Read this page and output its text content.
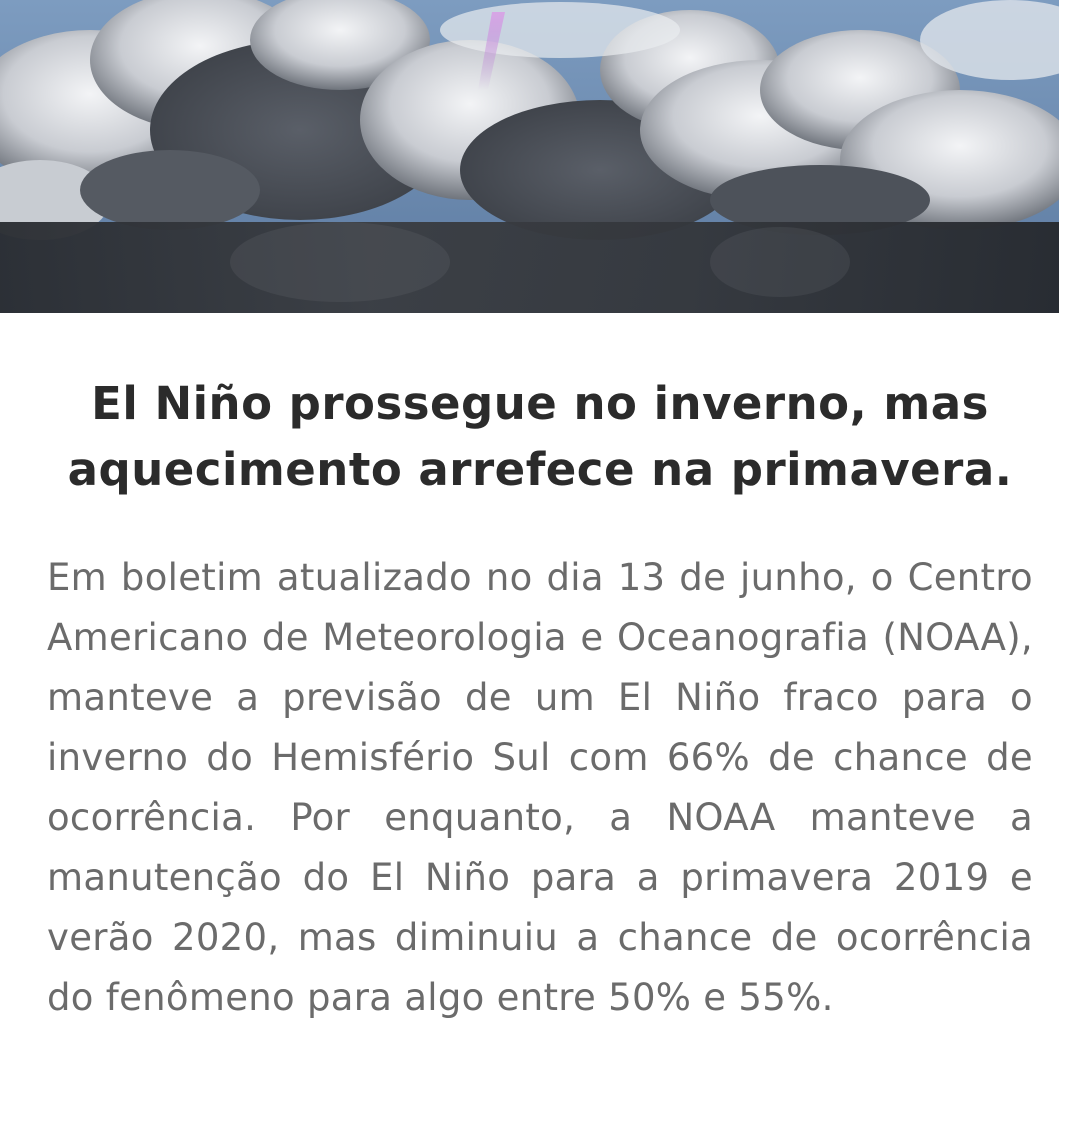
El Niño prossegue no inverno, mas aquecimento arrefece na primavera.

Em boletim atualizado no dia 13 de junho, o Centro Americano de Meteorologia e Oceanografia (NOAA), manteve a previsão de um El Niño fraco para o inverno do Hemisfério Sul com 66% de chance de ocorrência. Por enquanto, a NOAA manteve a manutenção do El Niño para a primavera 2019 e verão 2020, mas diminuiu a chance de ocorrência do fenômeno para algo entre 50% e 55%.
